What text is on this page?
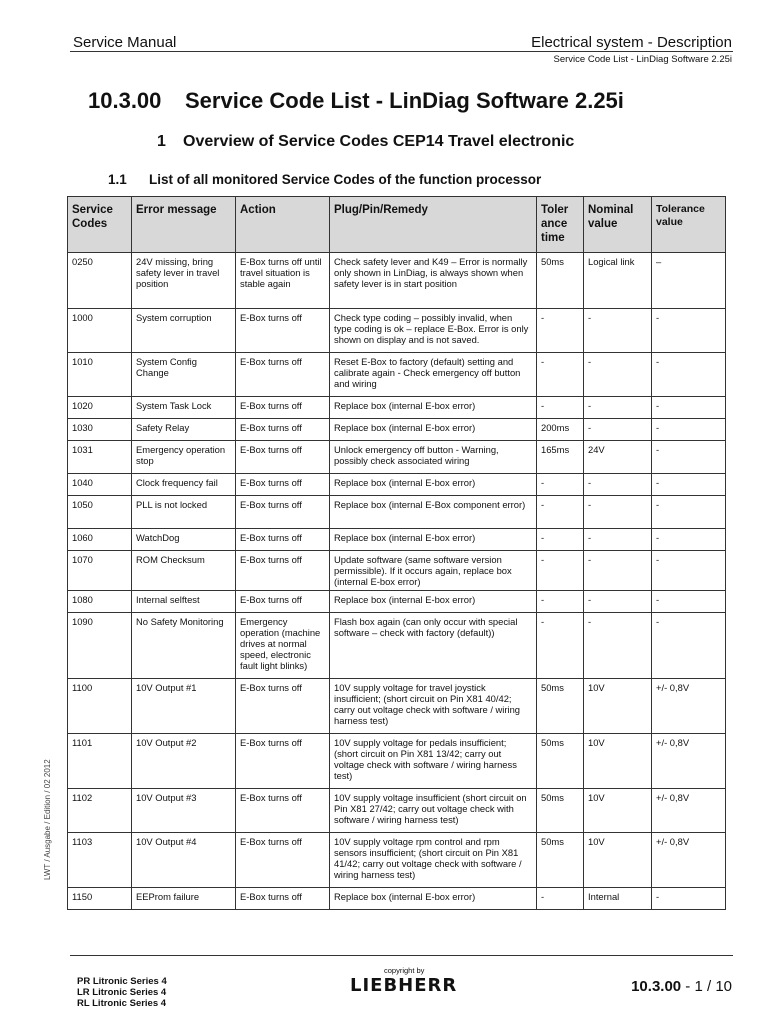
Service Manual	Electrical system - Description
Service Code List - LinDiag Software 2.25i
10.3.00 Service Code List - LinDiag Software 2.25i
1 Overview of Service Codes CEP14 Travel electronic
1.1 List of all monitored Service Codes of the function processor
Service Codes	Error message	Action	Plug/Pin/Remedy	Toler ance time	Nominal value	Tolerance value
0250	24V missing, bring safety lever in travel position	E-Box turns off until travel situation is stable again	Check safety lever and K49 – Error is normally only shown in LinDiag, is always shown when safety lever is in start position	50ms	Logical link	–
1000	System corruption	E-Box turns off	Check type coding – possibly invalid, when type coding is ok – replace E-Box. Error is only shown on display and is not saved.	-	-	-
1010	System Config Change	E-Box turns off	Reset E-Box to factory (default) setting and calibrate again - Check emergency off button and wiring	-	-	-
1020	System Task Lock	E-Box turns off	Replace box (internal E-box error)	-	-	-
1030	Safety Relay	E-Box turns off	Replace box (internal E-box error)	200ms	-	-
1031	Emergency operation stop	E-Box turns off	Unlock emergency off button - Warning, possibly check associated wiring	165ms	24V	-
1040	Clock frequency fail	E-Box turns off	Replace box (internal E-box error)	-	-	-
1050	PLL is not locked	E-Box turns off	Replace box (internal E-Box component error)	-	-	-
1060	WatchDog	E-Box turns off	Replace box (internal E-box error)	-	-	-
1070	ROM Checksum	E-Box turns off	Update software (same software version permissible). If it occurs again, replace box (internal E-box error)	-	-	-
1080	Internal selftest	E-Box turns off	Replace box (internal E-box error)	-	-	-
1090	No Safety Monitoring	Emergency operation (machine drives at normal speed, electronic fault light blinks)	Flash box again (can only occur with special software – check with factory (default))	-	-	-
1100	10V Output #1	E-Box turns off	10V supply voltage for travel joystick insufficient; (short circuit on Pin X81 40/42; carry out voltage check with software / wiring harness test)	50ms	10V	+/- 0,8V
1101	10V Output #2	E-Box turns off	10V supply voltage for pedals insufficient; (short circuit on Pin X81 13/42; carry out voltage check with software / wiring harness test)	50ms	10V	+/- 0,8V
1102	10V Output #3	E-Box turns off	10V supply voltage insufficient (short circuit on Pin X81 27/42; carry out voltage check with software / wiring harness test)	50ms	10V	+/- 0,8V
1103	10V Output #4	E-Box turns off	10V supply voltage rpm control and rpm sensors insufficient; (short circuit on Pin X81 41/42; carry out voltage check with software / wiring harness test)	50ms	10V	+/- 0,8V
1150	EEProm failure	E-Box turns off	Replace box (internal E-box error)	-	Internal	-
LWT / Ausgabe / Edition / 02 2012
PR Litronic Series 4
LR Litronic Series 4
RL Litronic Series 4
copyright by
LIEBHERR	10.3.00 - 1 / 10
